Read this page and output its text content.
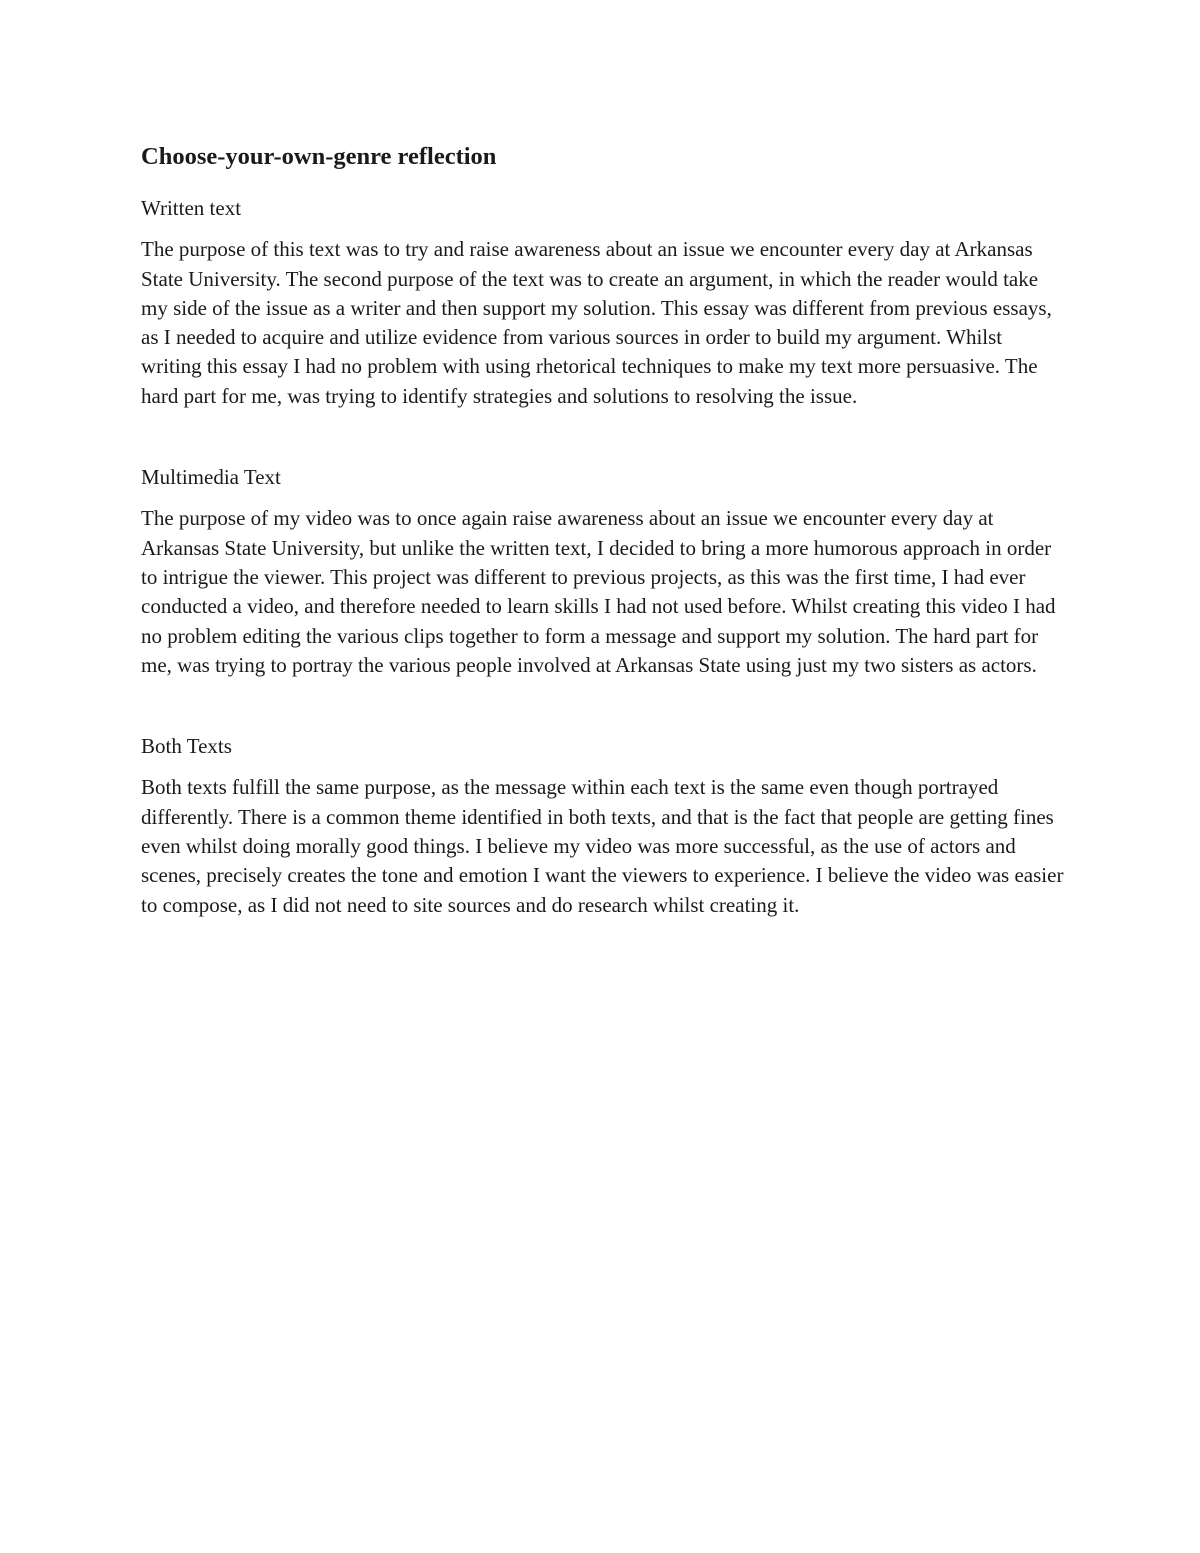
Choose-your-own-genre reflection

Written text

The purpose of this text was to try and raise awareness about an issue we encounter every day at Arkansas State University. The second purpose of the text was to create an argument, in which the reader would take my side of the issue as a writer and then support my solution. This essay was different from previous essays, as I needed to acquire and utilize evidence from various sources in order to build my argument. Whilst writing this essay I had no problem with using rhetorical techniques to make my text more persuasive. The hard part for me, was trying to identify strategies and solutions to resolving the issue.

Multimedia Text

The purpose of my video was to once again raise awareness about an issue we encounter every day at Arkansas State University, but unlike the written text, I decided to bring a more humorous approach in order to intrigue the viewer. This project was different to previous projects, as this was the first time, I had ever conducted a video, and therefore needed to learn skills I had not used before. Whilst creating this video I had no problem editing the various clips together to form a message and support my solution. The hard part for me, was trying to portray the various people involved at Arkansas State using just my two sisters as actors.

Both Texts

Both texts fulfill the same purpose, as the message within each text is the same even though portrayed differently. There is a common theme identified in both texts, and that is the fact that people are getting fines even whilst doing morally good things. I believe my video was more successful, as the use of actors and scenes, precisely creates the tone and emotion I want the viewers to experience. I believe the video was easier to compose, as I did not need to site sources and do research whilst creating it.
